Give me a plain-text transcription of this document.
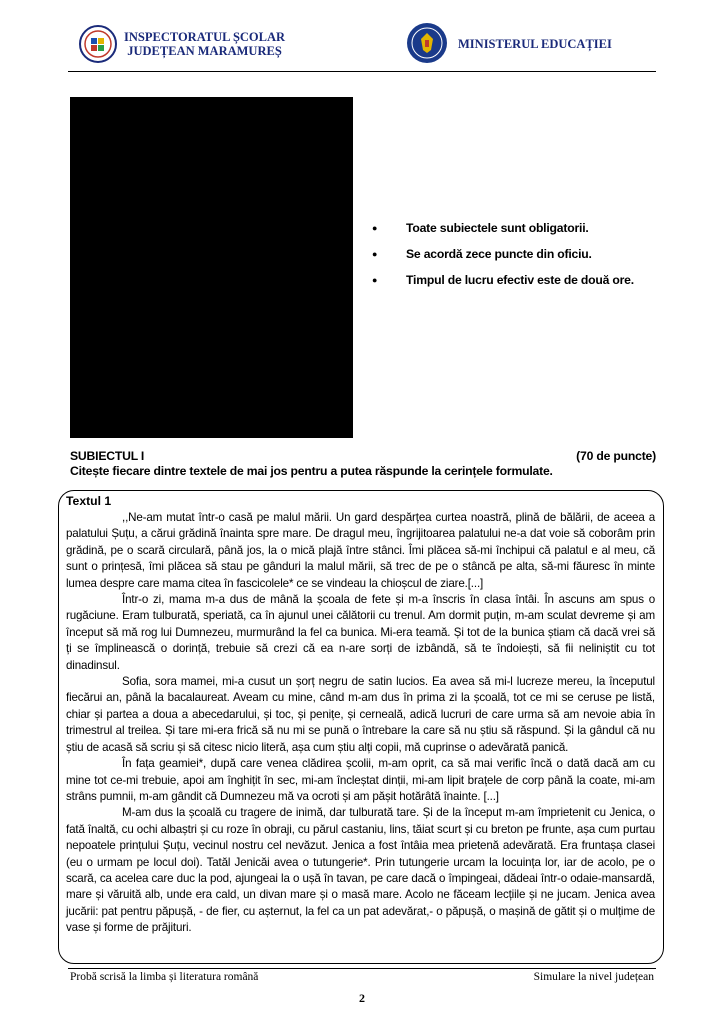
INSPECTORATUL ȘCOLAR
JUDEȚEAN MARAMUREȘ	MINISTERUL EDUCAȚIEI
● Toate subiectele sunt obligatorii.
● Se acordă zece puncte din oficiu.
● Timpul de lucru efectiv este de două ore.
SUBIECTUL I	(70 de puncte)
Citește fiecare dintre textele de mai jos pentru a putea răspunde la cerințele formulate.
Textul 1

,,Ne-am mutat într-o casă pe malul mării. Un gard despărțea curtea noastră, plină de bălării, de aceea a palatului Șuțu, a cărui grădină înainta spre mare. De dragul meu, îngrijitoarea palatului ne-a dat voie să coborâm prin grădină, pe o scară circulară, până jos, la o mică plajă între stânci. Îmi plăcea să-mi închipui că palatul e al meu, că sunt o prințesă, îmi plăcea să stau pe gânduri la malul mării, să trec de pe o stâncă pe alta, să-mi făuresc în minte lumea despre care mama citea în fascicolele* ce se vindeau la chioșcul de ziare.[...]

Într-o zi, mama m-a dus de mână la școala de fete și m-a înscris în clasa întâi. În ascuns am spus o rugăciune. Eram tulburată, speriată, ca în ajunul unei călătorii cu trenul. Am dormit puțin, m-am sculat devreme și am început să mă rog lui Dumnezeu, murmurând la fel ca bunica. Mi-era teamă. Și tot de la bunica știam că dacă vrei să ți se împlinească o dorință, trebuie să crezi că ea n-are sorți de izbândă, să te îndoiești, să fii neliniștit cu tot dinadinsul.

Sofia, sora mamei, mi-a cusut un șorț negru de satin lucios. Ea avea să mi-l lucreze mereu, la începutul fiecărui an, până la bacalaureat. Aveam cu mine, când m-am dus în prima zi la școală, tot ce mi se ceruse pe listă, chiar și partea a doua a abecedarului, și toc, și penițe, și cerneală, adică lucruri de care urma să am nevoie abia în trimestrul al treilea. Și tare mi-era frică să nu mi se pună o întrebare la care să nu știu să răspund. Și la gândul că nu știu de acasă să scriu și să citesc nicio literă, așa cum știu alți copii, mă cuprinse o adevărată panică.

În fața geamiei*, după care venea clădirea școlii, m-am oprit, ca să mai verific încă o dată dacă am cu mine tot ce-mi trebuie, apoi am înghițit în sec, mi-am încleștat dinții, mi-am lipit brațele de corp până la coate, mi-am strâns pumnii, m-am gândit că Dumnezeu mă va ocroti și am pășit hotărâtă înainte. [...]

M-am dus la școală cu tragere de inimă, dar tulburată tare. Și de la început m-am împrietenit cu Jenica, o fată înaltă, cu ochi albaștri și cu roze în obraji, cu părul castaniu, lins, tăiat scurt și cu breton pe frunte, așa cum purtau nepoatele prințului Șuțu, vecinul nostru cel nevăzut. Jenica a fost întâia mea prietenă adevărată. Era fruntașa clasei (eu o urmam pe locul doi). Tatăl Jenicăi avea o tutungerie*. Prin tutungerie urcam la locuința lor, iar de acolo, pe o scară, ca acelea care duc la pod, ajungeai la o ușă în tavan, pe care dacă o împingeai, dădeai într-o odaie-mansardă, mare și văruită alb, unde era cald, un divan mare și o masă mare. Acolo ne făceam lecțiile și ne jucam. Jenica avea jucării: pat pentru păpușă, - de fier, cu așternut, la fel ca un pat adevărat,- o păpușă, o mașină de gătit și o mulțime de vase și forme de prăjituri.

Probă scrisă la limba și literatura română	Simulare la nivel județean
2
